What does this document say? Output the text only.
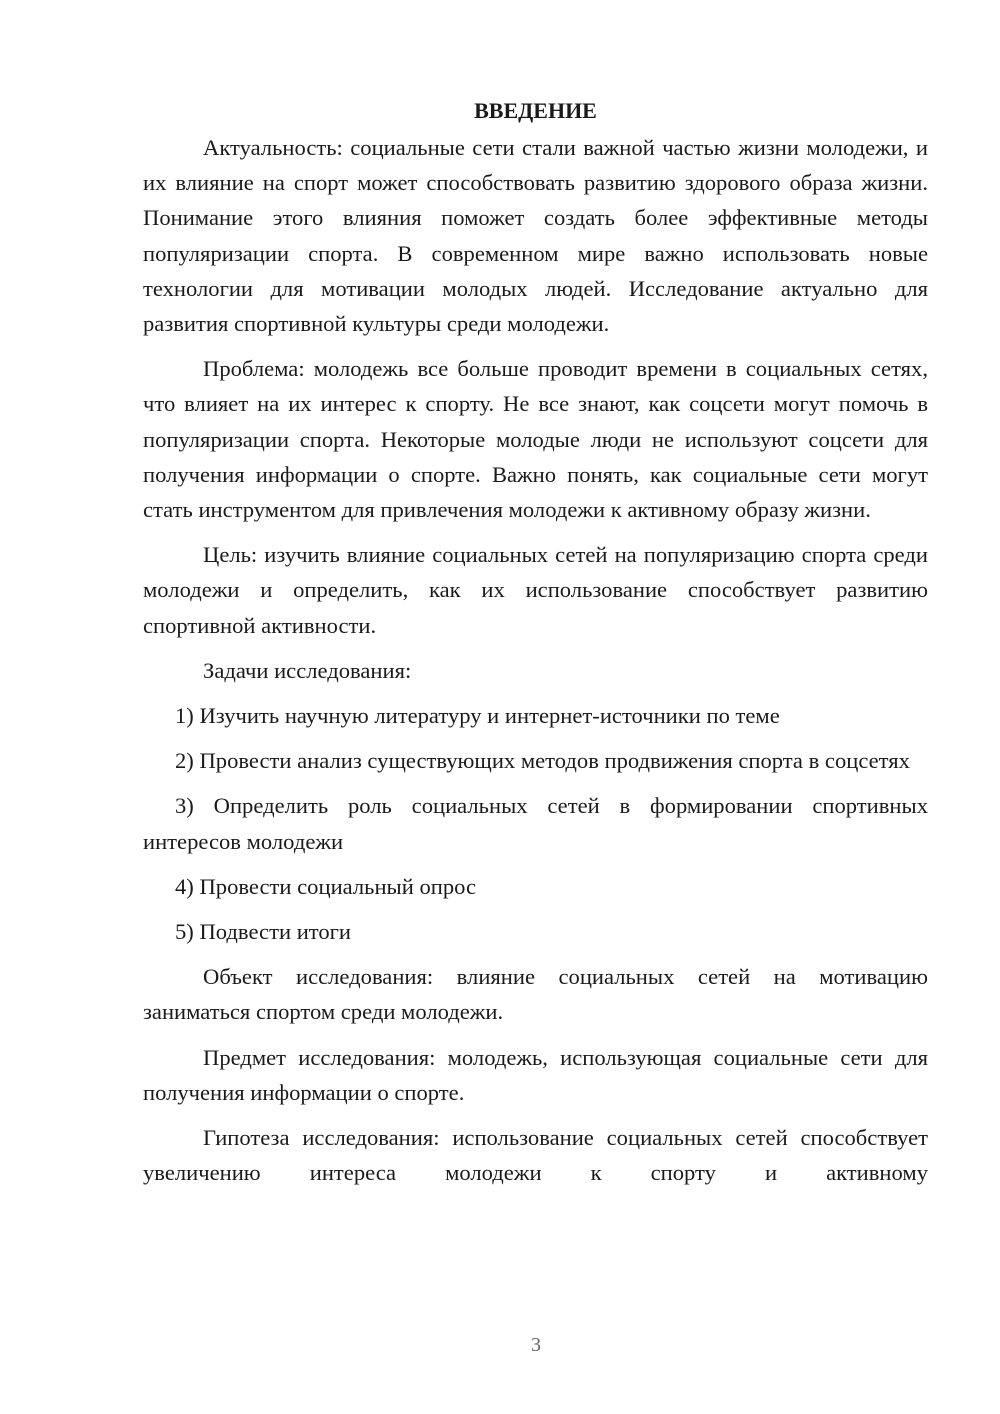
ВВЕДЕНИЕ

Актуальность: социальные сети стали важной частью жизни молодежи, и их влияние на спорт может способствовать развитию здорового образа жизни. Понимание этого влияния поможет создать более эффективные методы популяризации спорта. В современном мире важно использовать новые технологии для мотивации молодых людей. Исследование актуально для развития спортивной культуры среди молодежи.

Проблема: молодежь все больше проводит времени в социальных сетях, что влияет на их интерес к спорту. Не все знают, как соцсети могут помочь в популяризации спорта. Некоторые молодые люди не используют соцсети для получения информации о спорте. Важно понять, как социальные сети могут стать инструментом для привлечения молодежи к активному образу жизни.

Цель: изучить влияние социальных сетей на популяризацию спорта среди молодежи и определить, как их использование способствует развитию спортивной активности.

Задачи исследования:

1) Изучить научную литературу и интернет-источники по теме

2) Провести анализ существующих методов продвижения спорта в соцсетях

3) Определить роль социальных сетей в формировании спортивных интересов молодежи

4) Провести социальный опрос

5) Подвести итоги

Объект исследования: влияние социальных сетей на мотивацию заниматься спортом среди молодежи.

Предмет исследования: молодежь, использующая социальные сети для получения информации о спорте.

Гипотеза исследования: использование социальных сетей способствует увеличению интереса молодежи к спорту и активному

3
